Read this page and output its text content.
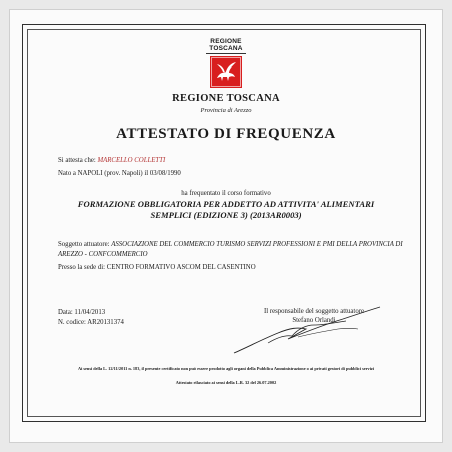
REGIONE
TOSCANA
REGIONE TOSCANA
Provincia di Arezzo
ATTESTATO DI FREQUENZA
Si attesta che: MARCELLO COLLETTI
Nato a NAPOLI (prov. Napoli) il 03/08/1990
ha frequentato il corso formativo
FORMAZIONE OBBLIGATORIA PER ADDETTO AD ATTIVITA' ALIMENTARI
SEMPLICI (EDIZIONE 3) (2013AR0003)
Soggetto attuatore: ASSOCIAZIONE DEL COMMERCIO TURISMO SERVIZI PROFESSIONI E PMI DELLA PROVINCIA DI AREZZO - CONFCOMMERCIO
Presso la sede di: CENTRO FORMATIVO ASCOM DEL CASENTINO
Data: 11/04/2013
N. codice: AR20131374
Il responsabile del soggetto attuatore
Stefano Orlandi
Ai sensi della L. 12/11/2011 n. 183, il presente certificato non può essere prodotto agli organi della Pubblica Amministrazione o ai privati gestori di pubblici servizi
Attestato rilasciato ai sensi della L.R. 32 del 26.07.2002
